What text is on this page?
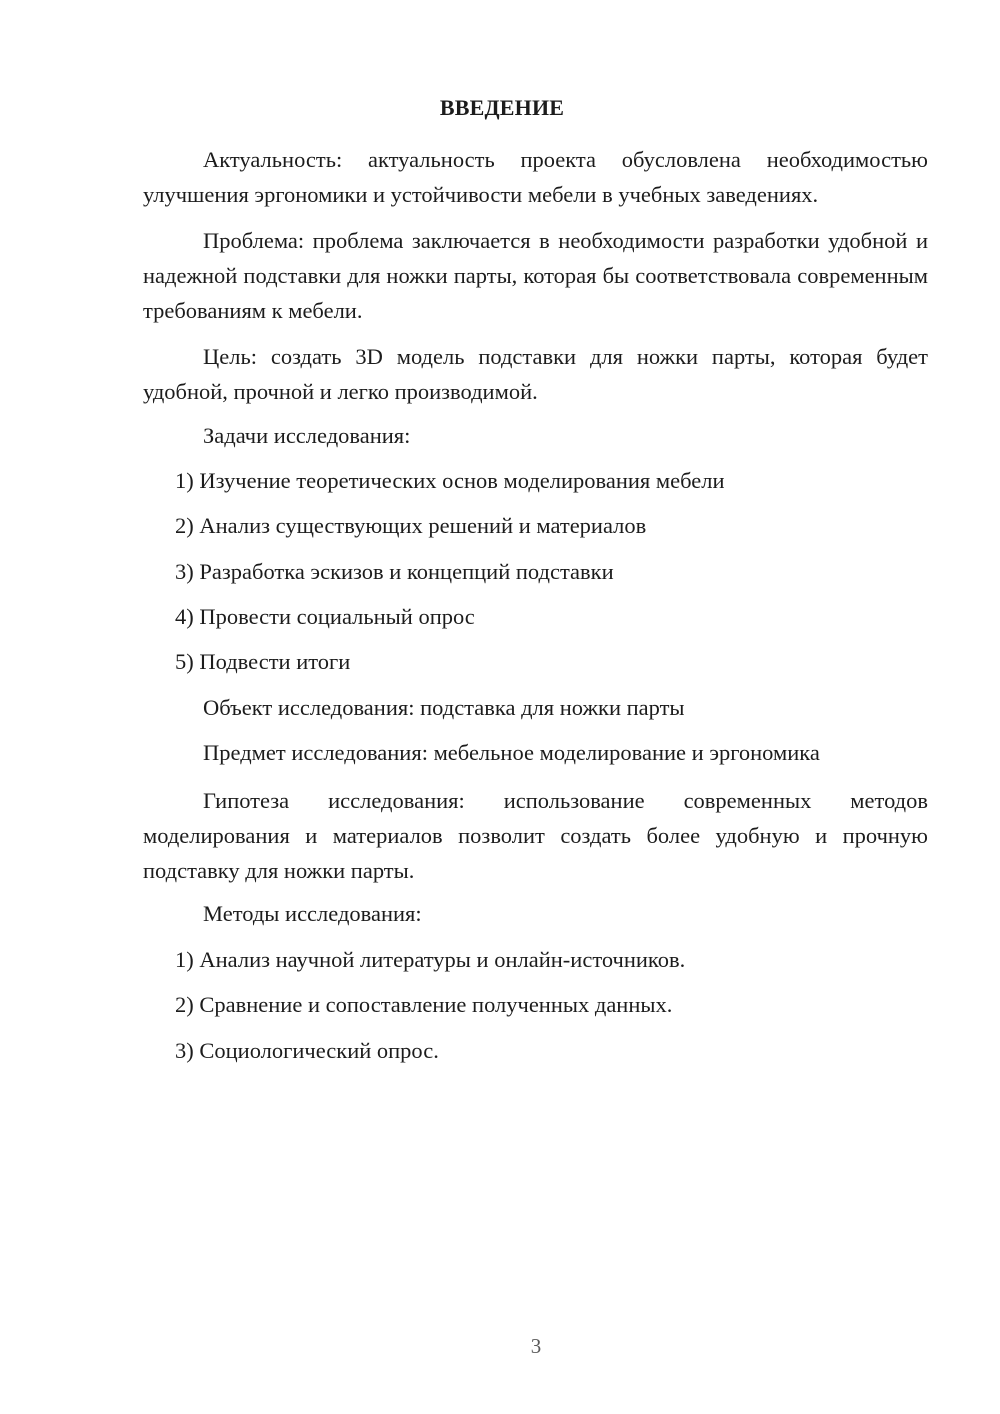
ВВЕДЕНИЕ
Актуальность: актуальность проекта обусловлена необходимостью улучшения эргономики и устойчивости мебели в учебных заведениях.
Проблема: проблема заключается в необходимости разработки удобной и надежной подставки для ножки парты, которая бы соответствовала современным требованиям к мебели.
Цель: создать 3D модель подставки для ножки парты, которая будет удобной, прочной и легко производимой.
Задачи исследования:
1) Изучение теоретических основ моделирования мебели
2) Анализ существующих решений и материалов
3) Разработка эскизов и концепций подставки
4) Провести социальный опрос
5) Подвести итоги
Объект исследования: подставка для ножки парты
Предмет исследования: мебельное моделирование и эргономика
Гипотеза исследования: использование современных методов моделирования и материалов позволит создать более удобную и прочную подставку для ножки парты.
Методы исследования:
1) Анализ научной литературы и онлайн-источников.
2) Сравнение и сопоставление полученных данных.
3) Социологический опрос.
3
